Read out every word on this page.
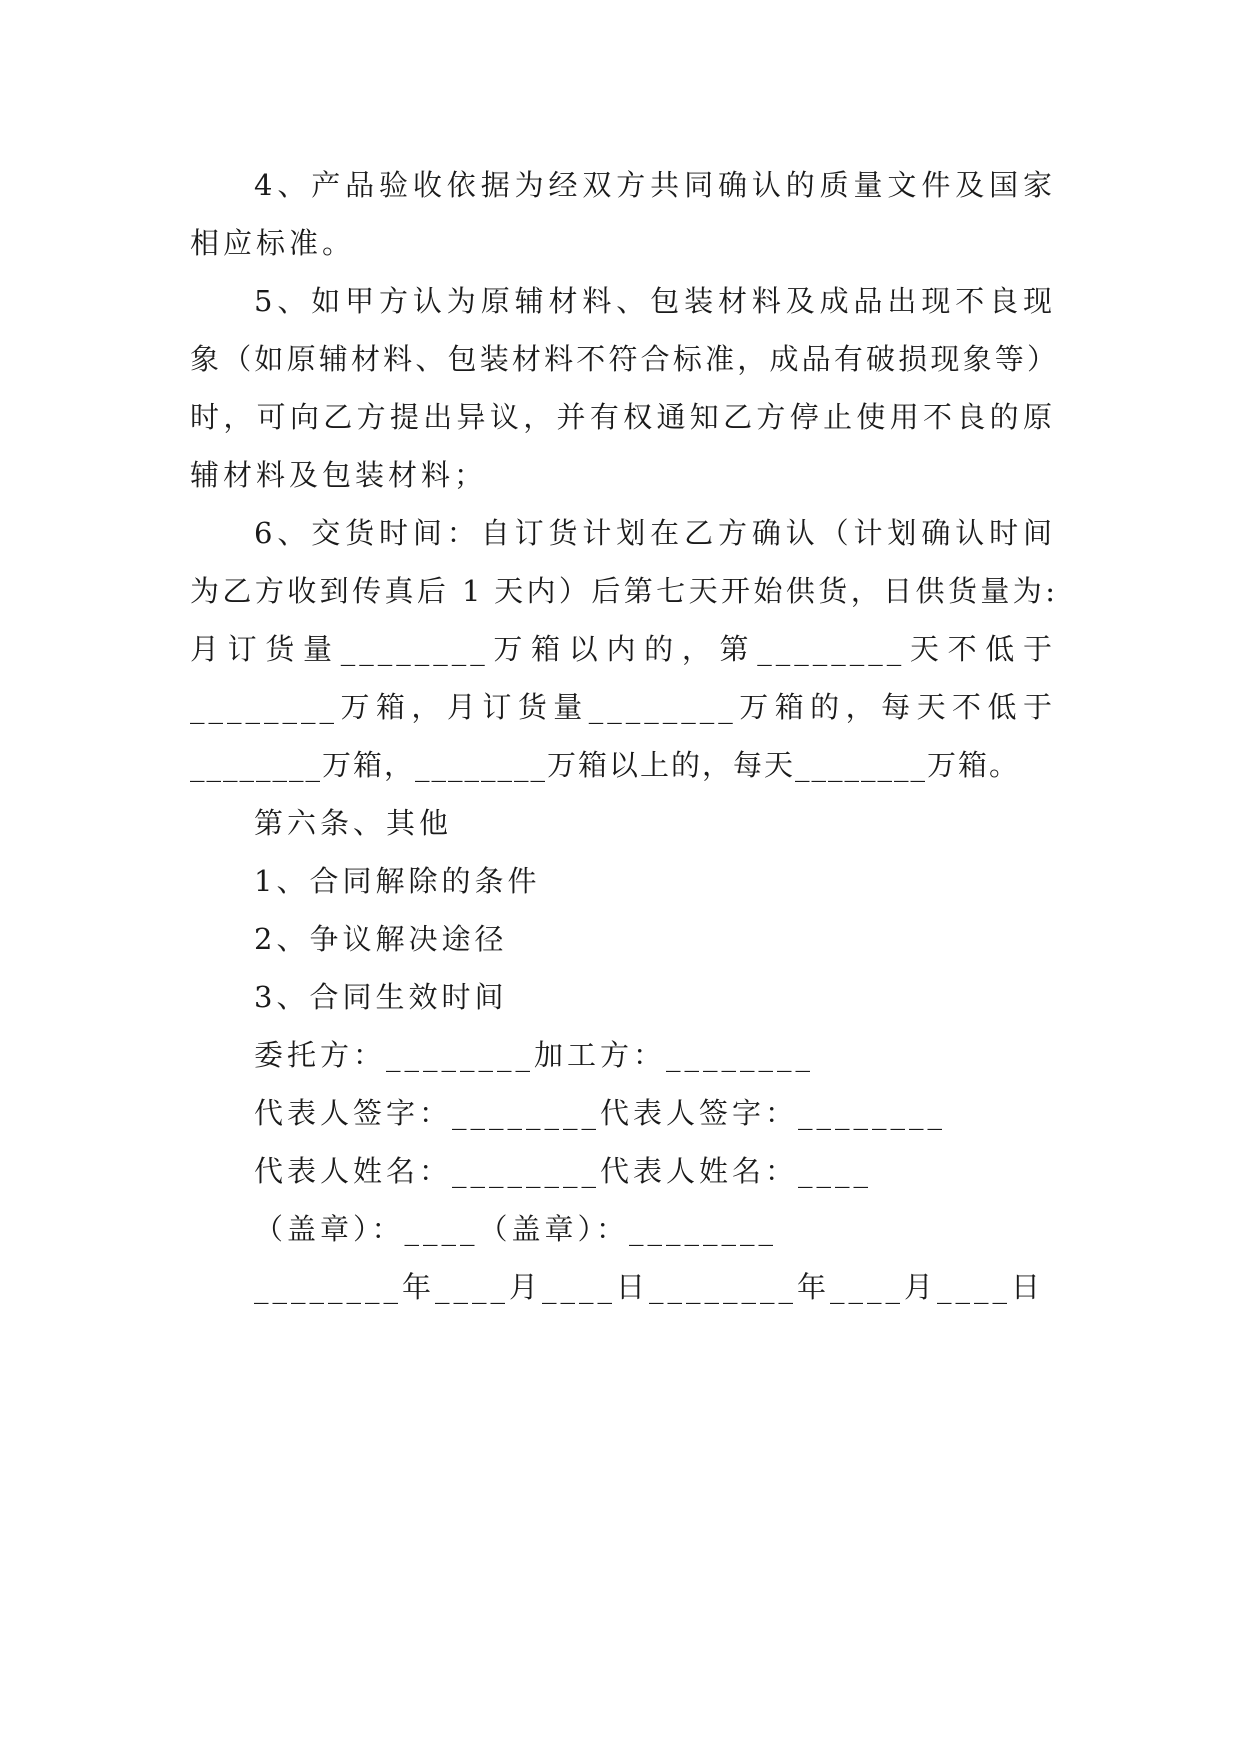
4、产品验收依据为经双方共同确认的质量文件及国家
相应标准。
5、如甲方认为原辅材料、包装材料及成品出现不良现
象（如原辅材料、包装材料不符合标准，成品有破损现象等）
时，可向乙方提出异议，并有权通知乙方停止使用不良的原
辅材料及包装材料；
6、交货时间：自订货计划在乙方确认（计划确认时间
为乙方收到传真后 1 天内）后第七天开始供货，日供货量为:
月订货量________万箱以内的，第________天不低于
________万箱，月订货量________万箱的，每天不低于
________万箱，________万箱以上的，每天________万箱。
第六条、其他
1、合同解除的条件
2、争议解决途径
3、合同生效时间
委托方：________加工方：________
代表人签字：________代表人签字：________
代表人姓名：________代表人姓名：____
（盖章）：____（盖章）：________
________年____月____日________年____月____日
